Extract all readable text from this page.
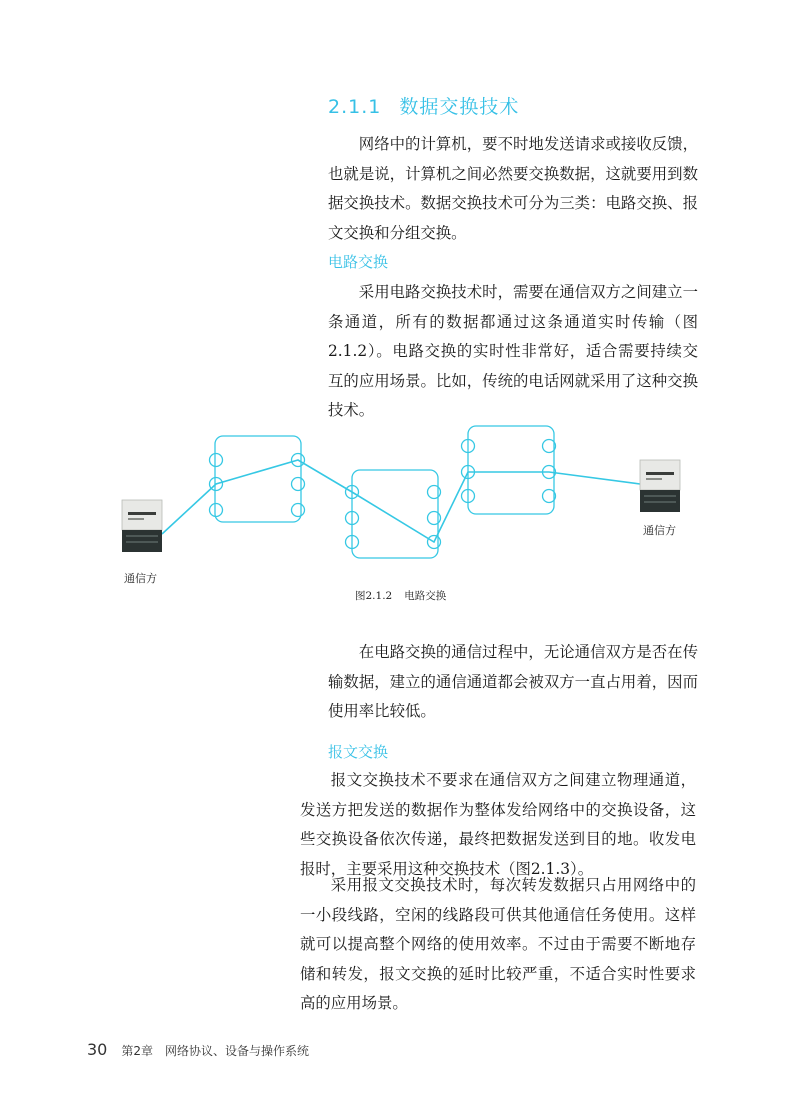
2.1.1 数据交换技术
网络中的计算机，要不时地发送请求或接收反馈，也就是说，计算机之间必然要交换数据，这就要用到数据交换技术。数据交换技术可分为三类：电路交换、报文交换和分组交换。
电路交换
采用电路交换技术时，需要在通信双方之间建立一条通道，所有的数据都通过这条通道实时传输（图2.1.2）。电路交换的实时性非常好，适合需要持续交互的应用场景。比如，传统的电话网就采用了这种交换技术。
通信方
通信方
图2.1.2 电路交换
在电路交换的通信过程中，无论通信双方是否在传输数据，建立的通信通道都会被双方一直占用着，因而使用率比较低。
报文交换
报文交换技术不要求在通信双方之间建立物理通道，发送方把发送的数据作为整体发给网络中的交换设备，这些交换设备依次传递，最终把数据发送到目的地。收发电报时，主要采用这种交换技术（图2.1.3）。
采用报文交换技术时，每次转发数据只占用网络中的一小段线路，空闲的线路段可供其他通信任务使用。这样就可以提高整个网络的使用效率。不过由于需要不断地存储和转发，报文交换的延时比较严重，不适合实时性要求高的应用场景。
30 第2章 网络协议、设备与操作系统
